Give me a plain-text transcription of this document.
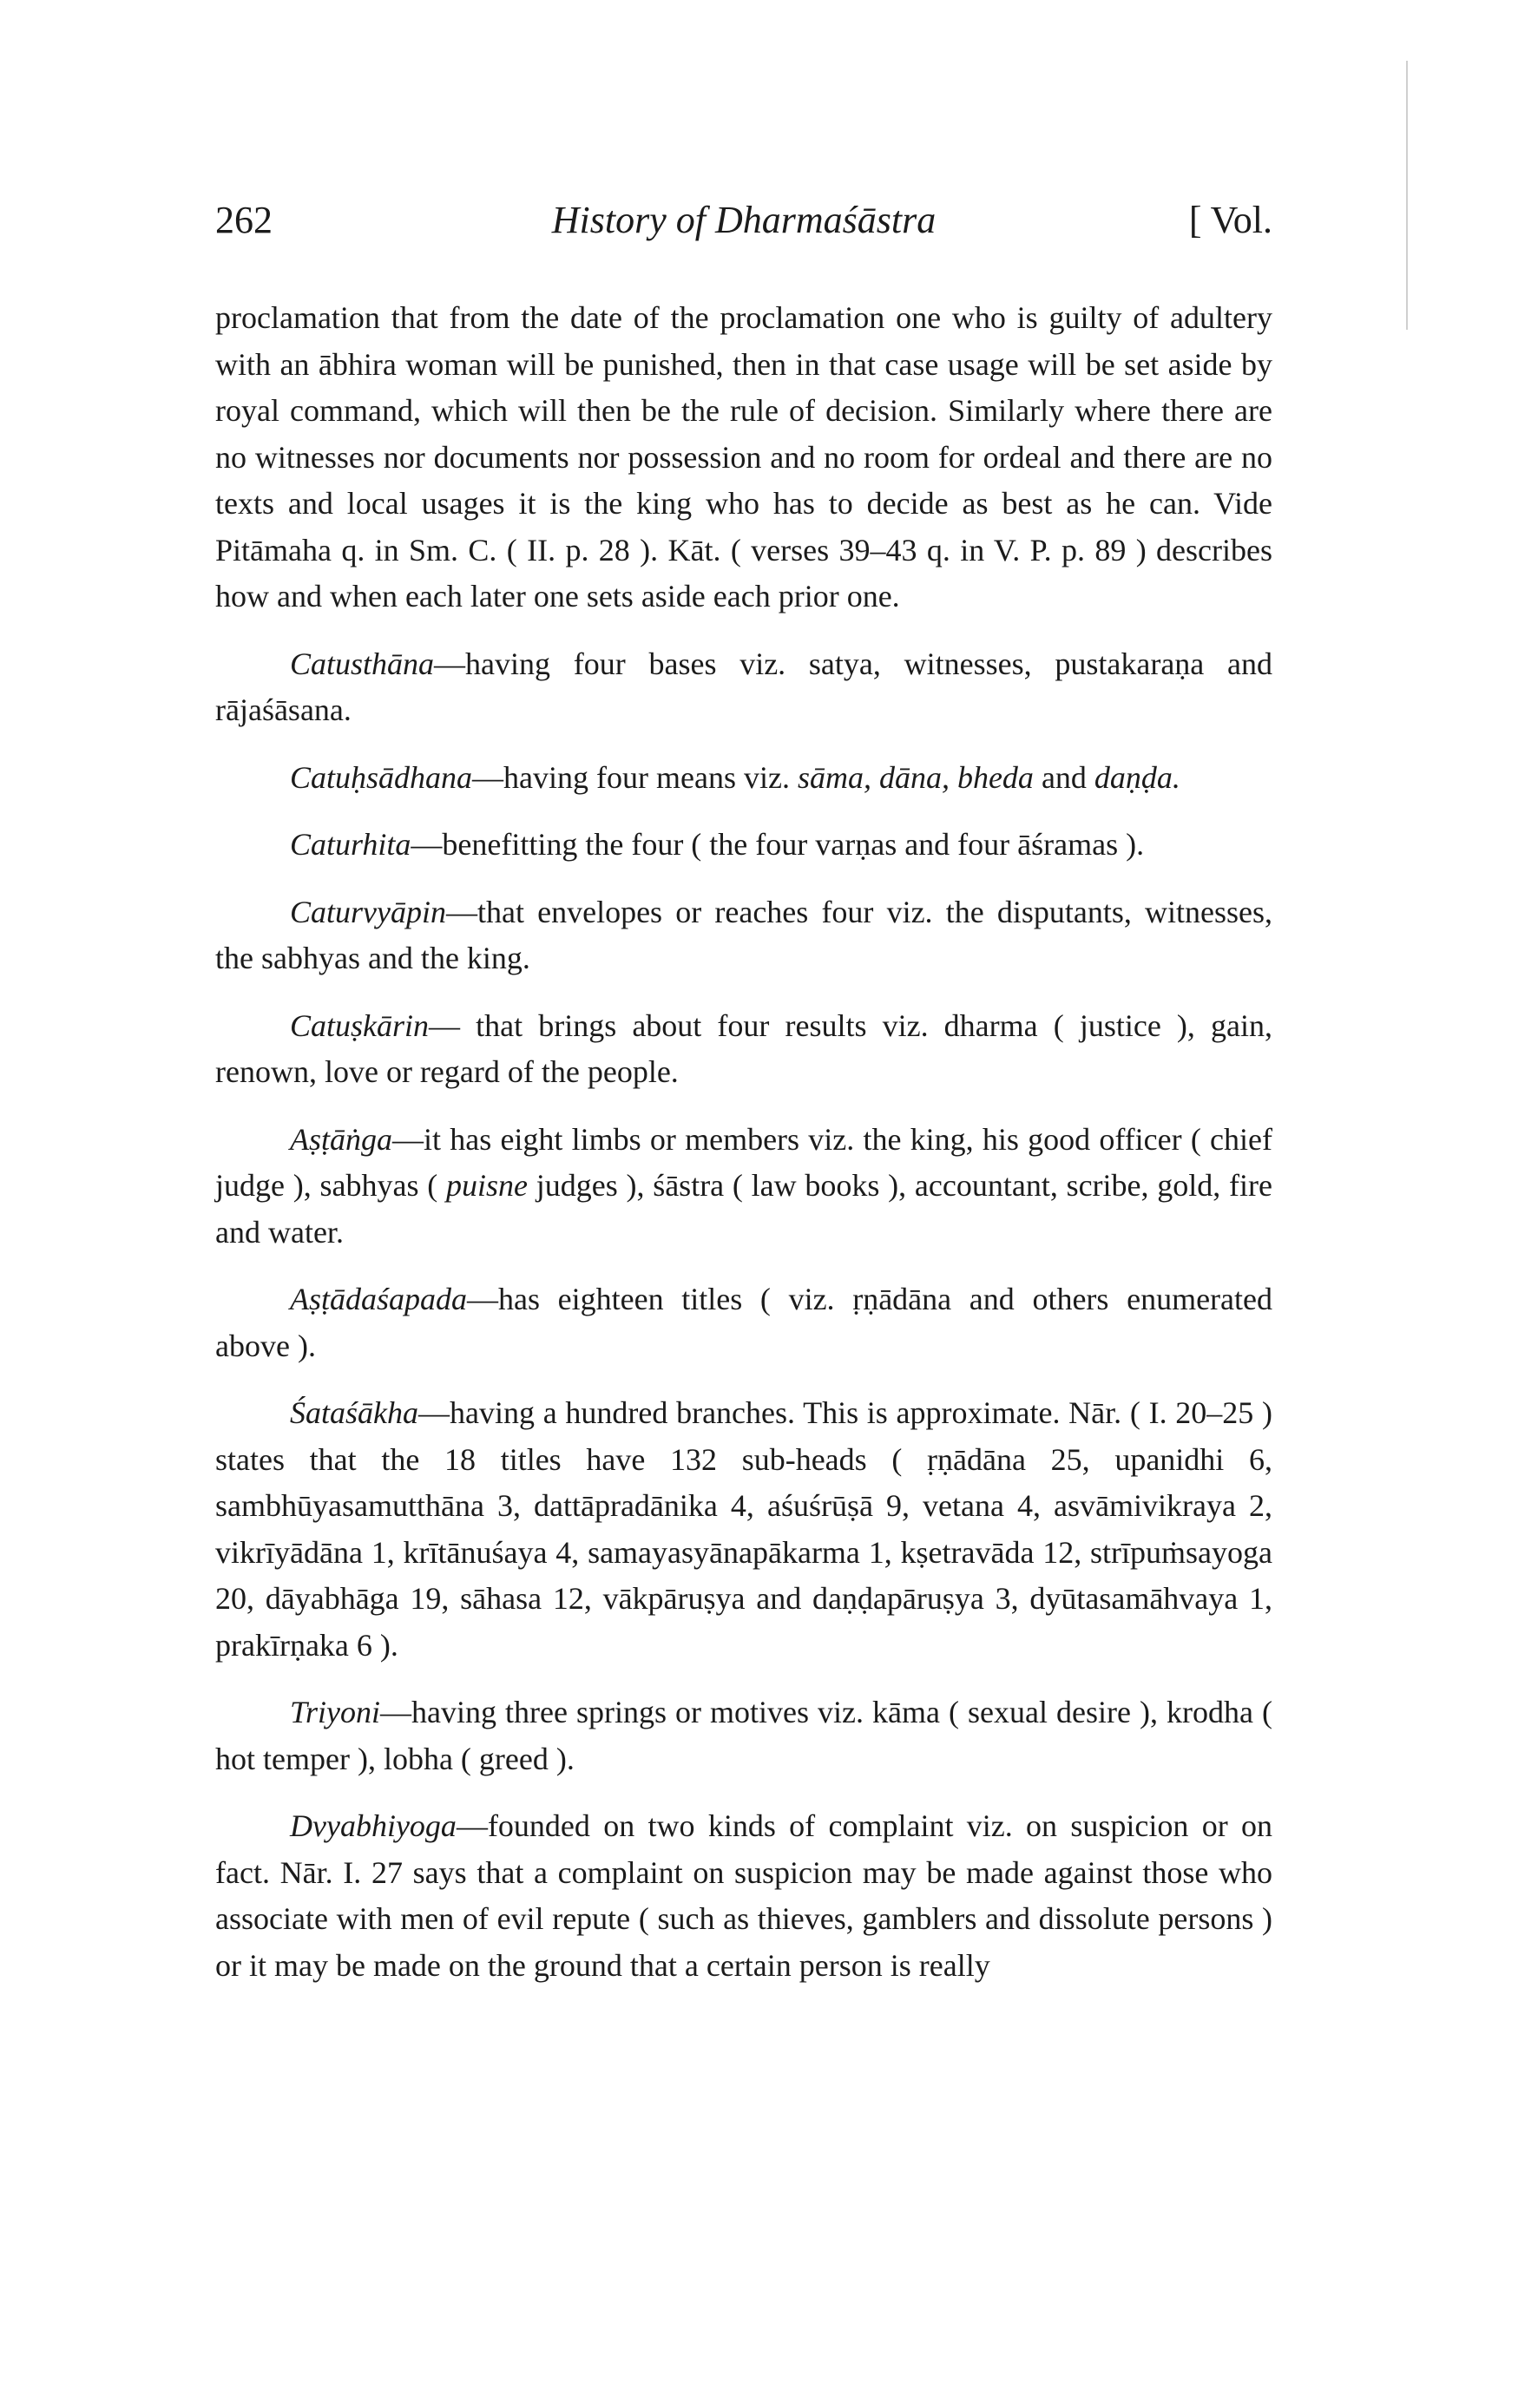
262	History of Dharmaśāstra	[ Vol.

proclamation that from the date of the proclamation one who is guilty of adultery with an ābhira woman will be punished, then in that case usage will be set aside by royal command, which will then be the rule of decision. Similarly where there are no witnesses nor documents nor possession and no room for ordeal and there are no texts and local usages it is the king who has to decide as best as he can. Vide Pitāmaha q. in Sm. C. ( II. p. 28 ). Kāt. ( verses 39–43 q. in V. P. p. 89 ) describes how and when each later one sets aside each prior one.

Catusthāna—having four bases viz. satya, witnesses, pustakaraṇa and rājaśāsana.

Catuḥsādhana—having four means viz. sāma, dāna, bheda and daṇḍa.

Caturhita—benefitting the four ( the four varṇas and four āśramas ).

Caturvyāpin—that envelopes or reaches four viz. the disputants, witnesses, the sabhyas and the king.

Catuṣkārin— that brings about four results viz. dharma ( justice ), gain, renown, love or regard of the people.

Aṣṭāṅga—it has eight limbs or members viz. the king, his good officer ( chief judge ), sabhyas ( puisne judges ), śāstra ( law books ), accountant, scribe, gold, fire and water.

Aṣṭādaśapada—has eighteen titles ( viz. ṛṇādāna and others enumerated above ).

Śataśākha—having a hundred branches. This is approximate. Nār. ( I. 20–25 ) states that the 18 titles have 132 sub-heads ( ṛṇādāna 25, upanidhi 6, sambhūyasamutthāna 3, dattāpradānika 4, aśuśrūṣā 9, vetana 4, asvāmivikraya 2, vikrīyādāna 1, krītānuśaya 4, samayasyānapākarma 1, kṣetravāda 12, strīpuṁsayoga 20, dāyabhāga 19, sāhasa 12, vākpāruṣya and daṇḍapāruṣya 3, dyūtasamāhvaya 1, prakīrṇaka 6 ).

Triyoni—having three springs or motives viz. kāma ( sexual desire ), krodha ( hot temper ), lobha ( greed ).

Dvyabhiyoga—founded on two kinds of complaint viz. on suspicion or on fact. Nār. I. 27 says that a complaint on suspicion may be made against those who associate with men of evil repute ( such as thieves, gamblers and dissolute persons ) or it may be made on the ground that a certain person is really
